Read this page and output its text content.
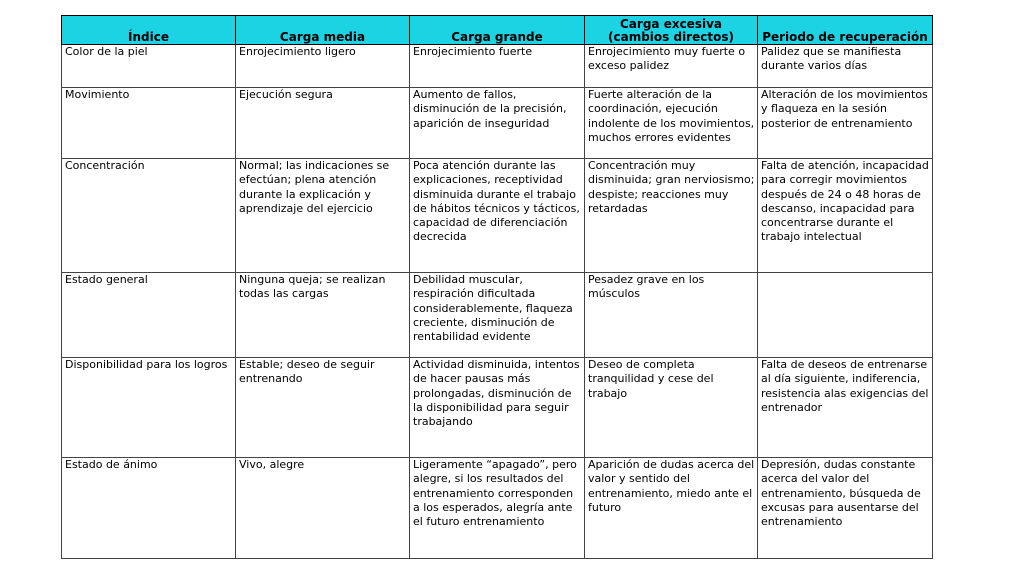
Índice	Carga media	Carga grande	Carga excesiva (cambios directos)	Periodo de recuperación

Color de la piel	Enrojecimiento ligero	Enrojecimiento fuerte	Enrojecimiento muy fuerte o exceso palidez	Palidez que se manifiesta durante varios días

Movimiento	Ejecución segura	Aumento de fallos, disminución de la precisión, aparición de inseguridad	Fuerte alteración de la coordinación, ejecución indolente de los movimientos, muchos errores evidentes	Alteración de los movimientos y flaqueza en la sesión posterior de entrenamiento

Concentración	Normal; las indicaciones se efectúan; plena atención durante la explicación y aprendizaje del ejercicio	Poca atención durante las explicaciones, receptividad disminuida durante el trabajo de hábitos técnicos y tácticos, capacidad de diferenciación decrecida	Concentración muy disminuida; gran nerviosismo; despiste; reacciones muy retardadas	Falta de atención, incapacidad para corregir movimientos después de 24 o 48 horas de descanso, incapacidad para concentrarse durante el trabajo intelectual

Estado general	Ninguna queja; se realizan todas las cargas	Debilidad muscular, respiración dificultada considerablemente, flaqueza creciente, disminución de rentabilidad evidente	Pesadez grave en los músculos	

Disponibilidad para los logros	Estable; deseo de seguir entrenando	Actividad disminuida, intentos de hacer pausas más prolongadas, disminución de la disponibilidad para seguir trabajando	Deseo de completa tranquilidad y cese del trabajo	Falta de deseos de entrenarse al día siguiente, indiferencia, resistencia alas exigencias del entrenador

Estado de ánimo	Vivo, alegre	Ligeramente “apagado”, pero alegre, si los resultados del entrenamiento corresponden a los esperados, alegría ante el futuro entrenamiento	Aparición de dudas acerca del valor y sentido del entrenamiento, miedo ante el futuro	Depresión, dudas constante acerca del valor del entrenamiento, búsqueda de excusas para ausentarse del entrenamiento
